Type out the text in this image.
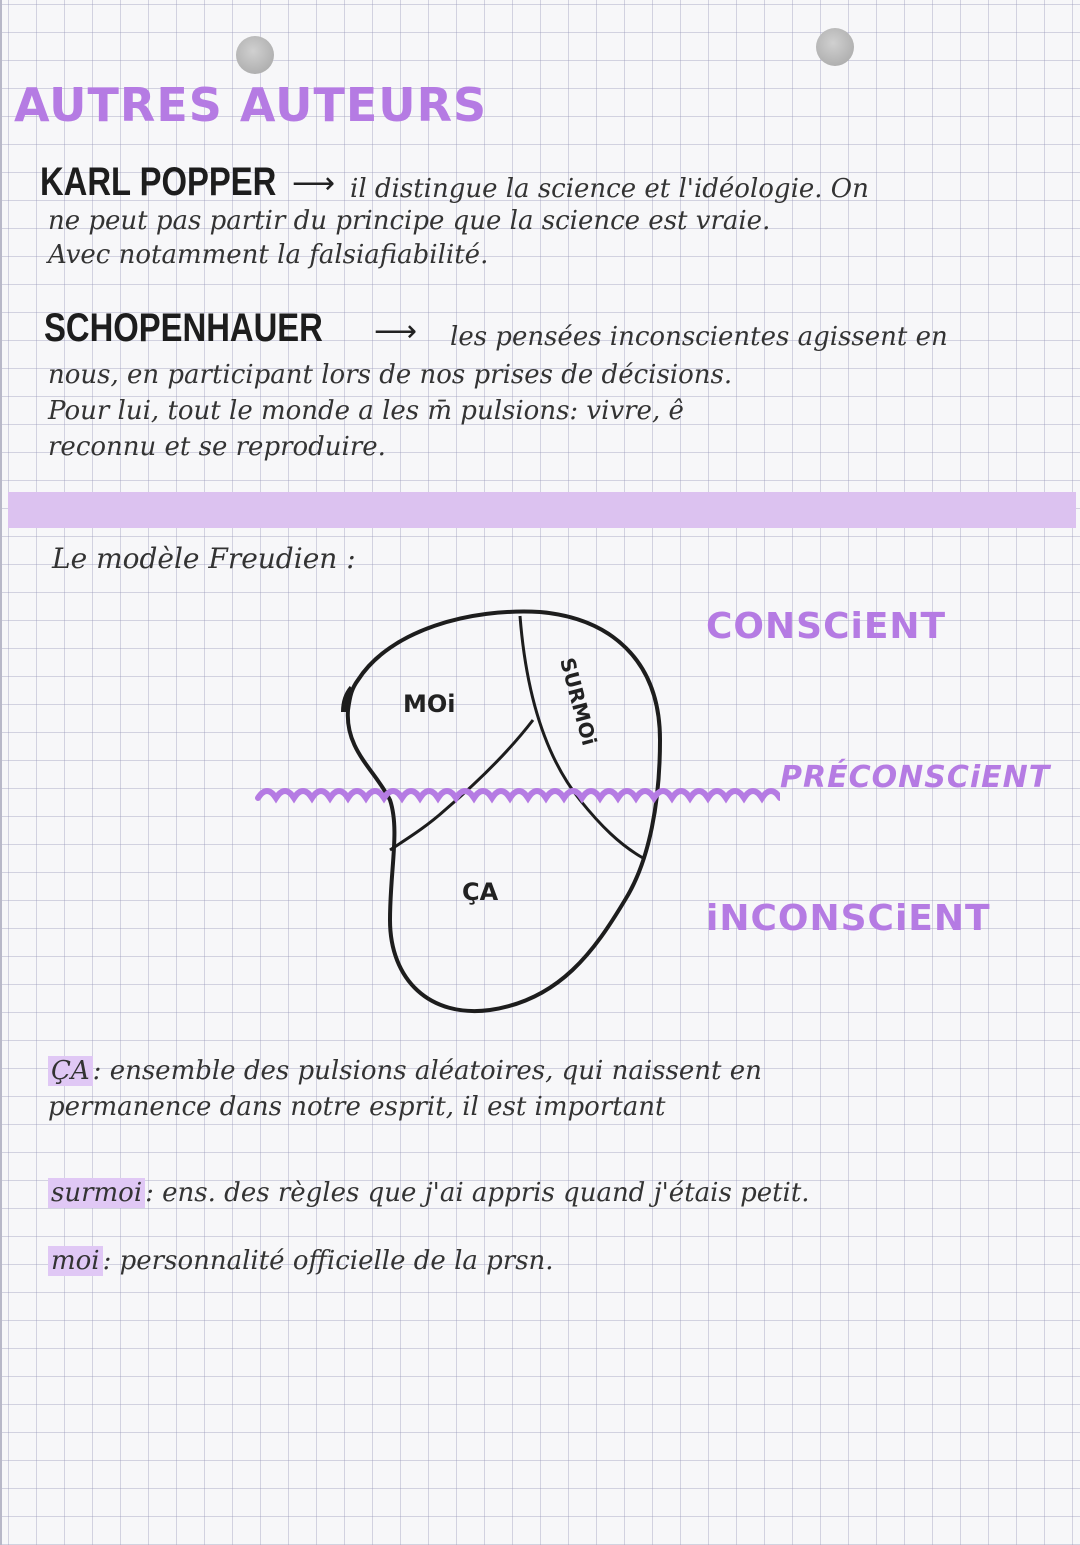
AUTRES AUTEURS
KARL POPPER ⟶ il distingue la science et l'idéologie. On
ne peut pas partir du principe que la science est vraie.
Avec notamment la falsiafiabilité.
SCHOPENHAUER ⟶ les pensées inconscientes agissent en
nous, en participant lors de nos prises de décisions.
Pour lui, tout le monde a les m̄ pulsions: vivre, ê
reconnu et se reproduire.
Le modèle Freudien :
CONSCiENT
PRÉCONSCiENT
iNCONSCiENT
MOi
ÇA
SURMOi
ÇA : ensemble des pulsions aléatoires, qui naissent en
permanence dans notre esprit, il est important
surmoi : ens. des règles que j'ai appris quand j'étais petit.
moi : personnalité officielle de la prsn.
